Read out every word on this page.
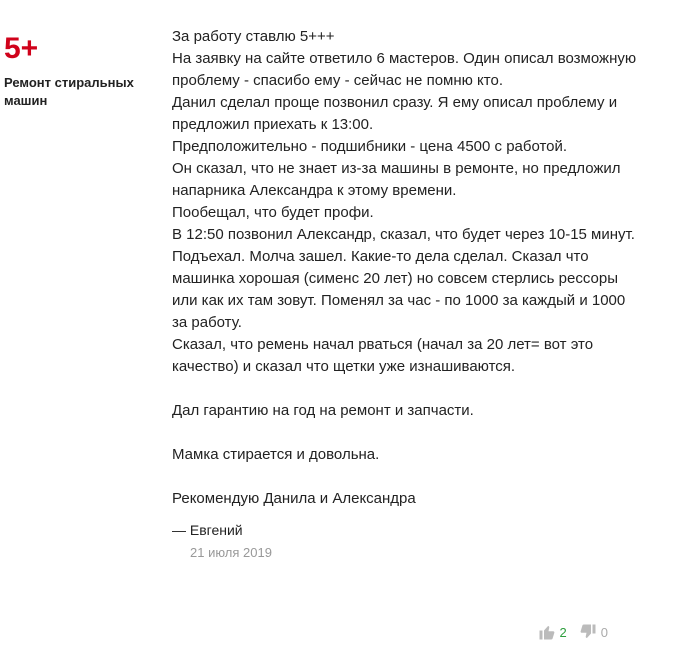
5+
Ремонт стиральных машин

За работу ставлю 5+++

На заявку на сайте ответило 6 мастеров. Один описал возможную проблему - спасибо ему - сейчас не помню кто.

Данил сделал проще позвонил сразу. Я ему описал проблему и предложил приехать к 13:00.

Предположительно - подшибники - цена 4500 с работой.

Он сказал, что не знает из-за машины в ремонте, но предложил напарника Александра к этому времени.

Пообещал, что будет профи.

В 12:50 позвонил Александр, сказал, что будет через 10-15 минут.

Подъехал. Молча зашел. Какие-то дела сделал. Сказал что машинка хорошая (сименс 20 лет) но совсем стерлись рессоры или как их там зовут. Поменял за час - по 1000 за каждый и 1000 за работу.

Сказал, что ремень начал рваться (начал за 20 лет= вот это качество) и сказал что щетки уже изнашиваются.

Дал гарантию на год на ремонт и запчасти.

Мамка стирается и довольна.

Рекомендую Данила и Александра

— Евгений
21 июля 2019
2	0
